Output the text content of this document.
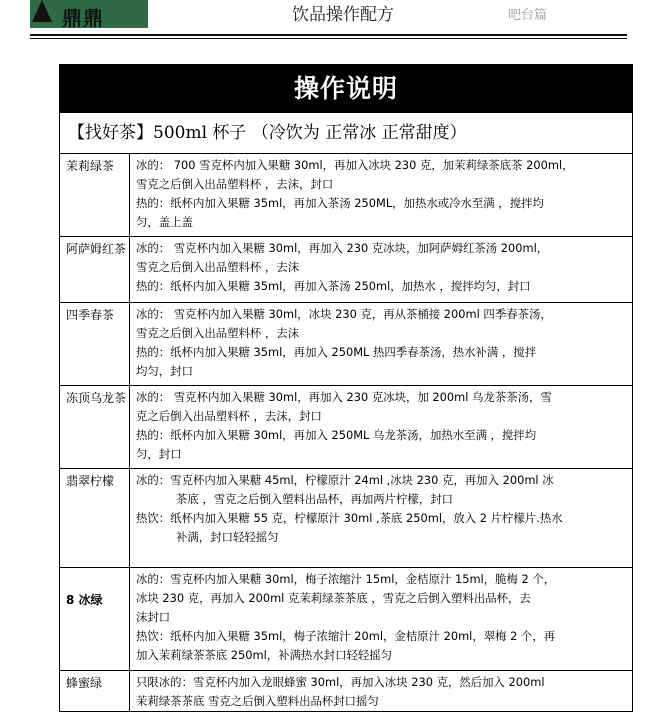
鼎鼎	饮品操作配方	吧台篇
操作说明
【找好茶】500ml 杯子 （冷饮为 正常冰 正常甜度）
茉莉绿茶	冰的： 700 雪克杯内加入果糖 30ml，再加入冰块 230 克，加茉莉绿茶底茶 200ml，
雪克之后倒入出品塑料杯 ，去沫，封口
热的：纸杯内加入果糖 35ml，再加入茶汤 250ML，加热水或冷水至满 ，搅拌均
匀，盖上盖
阿萨姆红茶 冰的： 雪克杯内加入果糖 30ml，再加入 230 克冰块，加阿萨姆红茶汤 200ml，
雪克之后倒入出品塑料杯 ，去沫
热的：纸杯内加入果糖 35ml，再加入茶汤 250ml，加热水 ，搅拌均匀，封口
四季春茶	冰的： 雪克杯内加入果糖 30ml，冰块 230 克，再从茶桶接 200ml 四季春茶汤，
雪克之后倒入出品塑料杯 ，去沫
热的：纸杯内加入果糖 35ml，再加入 250ML 热四季春茶汤，热水补满 ，搅拌
均匀，封口
冻顶乌龙茶 冰的： 雪克杯内加入果糖 30ml，再加入 230 克冰块，加 200ml 乌龙茶茶汤，雪
克之后倒入出品塑料杯 ，去沫，封口
热的：纸杯内加入果糖 30ml，再加入 250ML 乌龙茶汤，加热水至满 ，搅拌均
匀，封口
翡翠柠檬	冰的：雪克杯内加入果糖 45ml，柠檬原汁 24ml ,冰块 230 克，再加入 200ml 冰
茶底 ，雪克之后倒入塑料出品杯，再加两片柠檬，封口
热饮：纸杯内加入果糖 55 克，柠檬原汁 30ml ,茶底 250ml，放入 2 片柠檬片.热水
补满，封口轻轻摇匀
8 冰绿
冰的：雪克杯内加入果糖 30ml，梅子浓缩汁 15ml，金桔原汁 15ml，脆梅 2 个，
冰块 230 克，再加入 200ml 克茉莉绿茶茶底 ，雪克之后倒入塑料出品杯，去
沫封口
热饮：纸杯内加入果糖 35ml，梅子浓缩汁 20ml，金桔原汁 20ml，翠梅 2 个，再
加入茉莉绿茶茶底 250ml，补满热水封口轻轻摇匀
蜂蜜绿	只限冰的：雪克杯内加入龙眼蜂蜜 30ml，再加入冰块 230 克，然后加入 200ml
茉莉绿茶茶底 雪克之后倒入塑料出品杯封口摇匀
